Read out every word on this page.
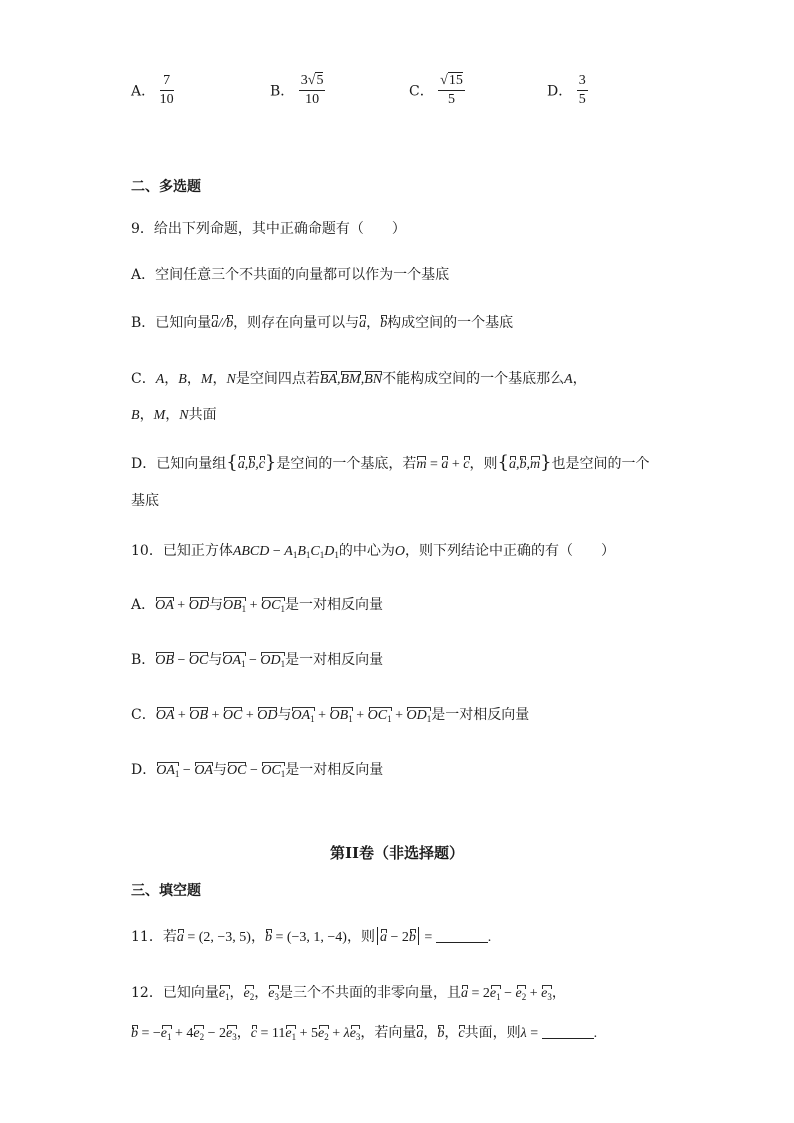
A． $\frac{7}{10}$	B． $\frac{3√5}{10}$	C． $\frac{√15}{5}$	D． $\frac{3}{5}$
二、多选题
9．给出下列命题，其中正确命题有（　　）
A．空间任意三个不共面的向量都可以作为一个基底
B．已知向量a//b，则存在向量可以与a，b构成空间的一个基底
C．A，B，M，N是空间四点若BA,BM,BN不能构成空间的一个基底那么A，
B，M，N共面
D．已知向量组{a,b,c}是空间的一个基底，若m = a + c，则{a,b,m}也是空间的一个
基底
10．已知正方体ABCD − $A_1B_1C_1D_1$的中心为O，则下列结论中正确的有（　　）
A．OA + OD与$OB_1 + OC_1$是一对相反向量
B．OB − OC与$OA_1 - OD_1$是一对相反向量
C．OA + OB + OC + OD与$OA_1 + OB_1 + OC_1 + OD_1$是一对相反向量
D．$OA_1$ − OA与OC − $OC_1$是一对相反向量
第II卷（非选择题）
三、填空题
11．若a = (2, −3, 5)，b = (−3, 1, −4)，则 a − 2b =	.
12．已知向量$e_1$，$e_2$，$e_3$是三个不共面的非零向量，且$a = 2e_1 - e_2 + e_3$，
$b = -e_1 + 4e_2 - 2e_3$，$c = 11e_1 + 5e_2 + \lambda e_3$，若向量a，b，c共面，则λ =	.
